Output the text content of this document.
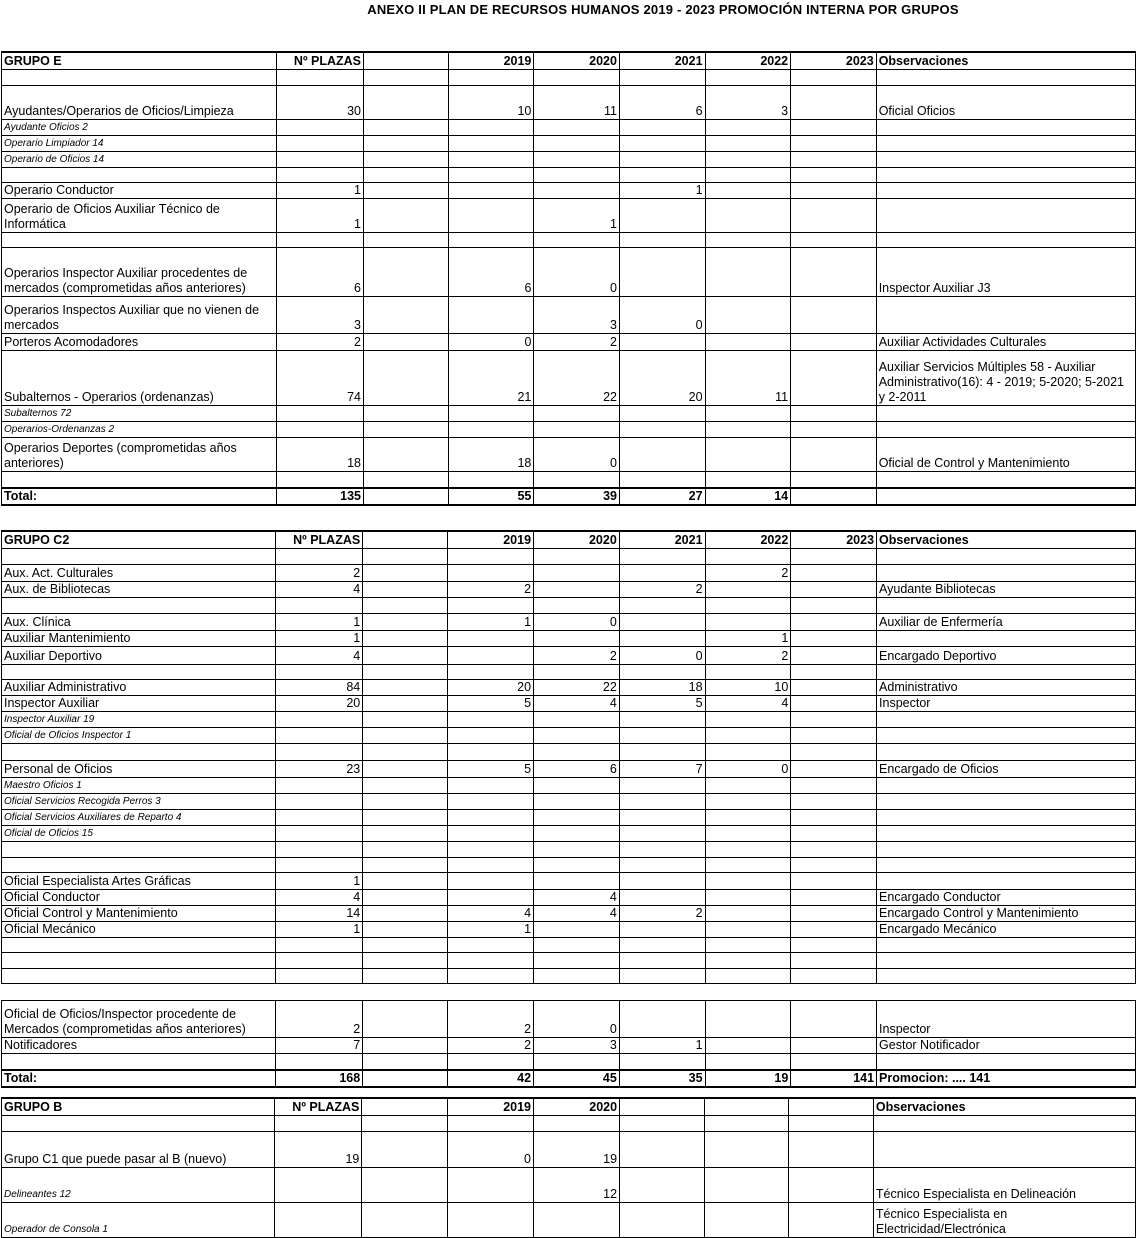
ANEXO II PLAN DE RECURSOS HUMANOS 2019 - 2023 PROMOCIÓN INTERNA POR GRUPOS
GRUPO E	Nº PLAZAS		2019	2020	2021	2022	2023	Observaciones

Ayudantes/Operarios de Oficios/Limpieza	30		10	11	6	3		Oficial Oficios
Ayudante Oficios 2								
Operario Limpiador 14								
Operario de Oficios 14								

Operario Conductor	1				1			
Operario de Oficios Auxiliar Técnico de Informática	1			1				

Operarios Inspector Auxiliar procedentes de mercados (comprometidas años anteriores)	6		6	0				Inspector Auxiliar J3
Operarios Inspectos Auxiliar que no vienen de mercados	3			3	0			
Porteros Acomodadores	2		0	2				Auxiliar Actividades Culturales
Subalternos - Operarios (ordenanzas)	74		21	22	20	11		Auxiliar Servicios Múltiples 58 - Auxiliar Administrativo(16): 4 - 2019; 5-2020; 5-2021 y 2-2011
Subalternos 72								
Operarios-Ordenanzas 2								
Operarios Deportes (comprometidas años anteriores)	18		18	0				Oficial de Control y Mantenimiento

Total:	135		55	39	27	14		
GRUPO C2	Nº PLAZAS		2019	2020	2021	2022	2023	Observaciones

Aux. Act. Culturales	2					2		
Aux. de Bibliotecas	4		2		2			Ayudante Bibliotecas

Aux. Clínica	1		1	0				Auxiliar de Enfermería
Auxiliar Mantenimiento	1					1		
Auxiliar Deportivo	4			2	0	2		Encargado Deportivo

Auxiliar Administrativo	84		20	22	18	10		Administrativo
Inspector Auxiliar	20		5	4	5	4		Inspector
Inspector Auxiliar 19								
Oficial de Oficios Inspector 1								

Personal de Oficios	23		5	6	7	0		Encargado de Oficios
Maestro Oficios 1								
Oficial Servicios Recogida Perros 3								
Oficial Servicios Auxiliares de Reparto 4								
Oficial de Oficios 15								

Oficial Especialista Artes Gráficas	1							
Oficial Conductor	4			4				Encargado Conductor
Oficial Control y Mantenimiento	14		4	4	2			Encargado Control y Mantenimiento
Oficial Mecánico	1		1					Encargado Mecánico

Oficial de Oficios/Inspector procedente de Mercados (comprometidas años anteriores)	2		2	0				Inspector
Notificadores	7		2	3	1			Gestor Notificador

Total:	168		42	45	35	19	141	Promocion: .... 141
GRUPO B	Nº PLAZAS		2019	2020				Observaciones

Grupo C1 que puede pasar al B (nuevo)	19		0	19				
Delineantes 12				12				Técnico Especialista en Delineación
Operador de Consola 1								Técnico Especialista en Electricidad/Electrónica
